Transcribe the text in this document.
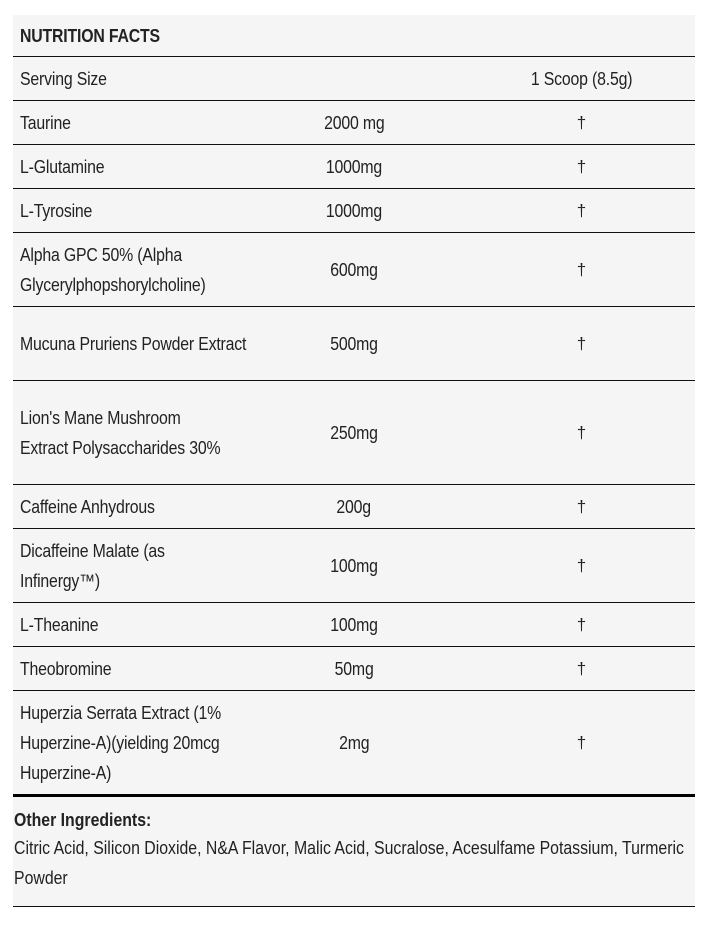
NUTRITION FACTS		
Serving Size		1 Scoop (8.5g)
Taurine	2000 mg	†
L-Glutamine	1000mg	†
L-Tyrosine	1000mg	†

Alpha GPC 50% (Alpha Glycerylphopshorylcholine)	600mg	†

Mucuna Pruriens Powder Extract	500mg	†

Lion's Mane Mushroom Extract Polysaccharides 30%	250mg	†
Caffeine Anhydrous	200g	†

Dicaffeine Malate (as Infinergy™)	100mg	†
L-Theanine	100mg	†
Theobromine	50mg	†

Huperzia Serrata Extract (1% Huperzine-A)(yielding 20mcg Huperzine-A)	2mg	†
Other Ingredients:
Citric Acid, Silicon Dioxide, N&A Flavor, Malic Acid, Sucralose, Acesulfame Potassium, Turmeric Powder
